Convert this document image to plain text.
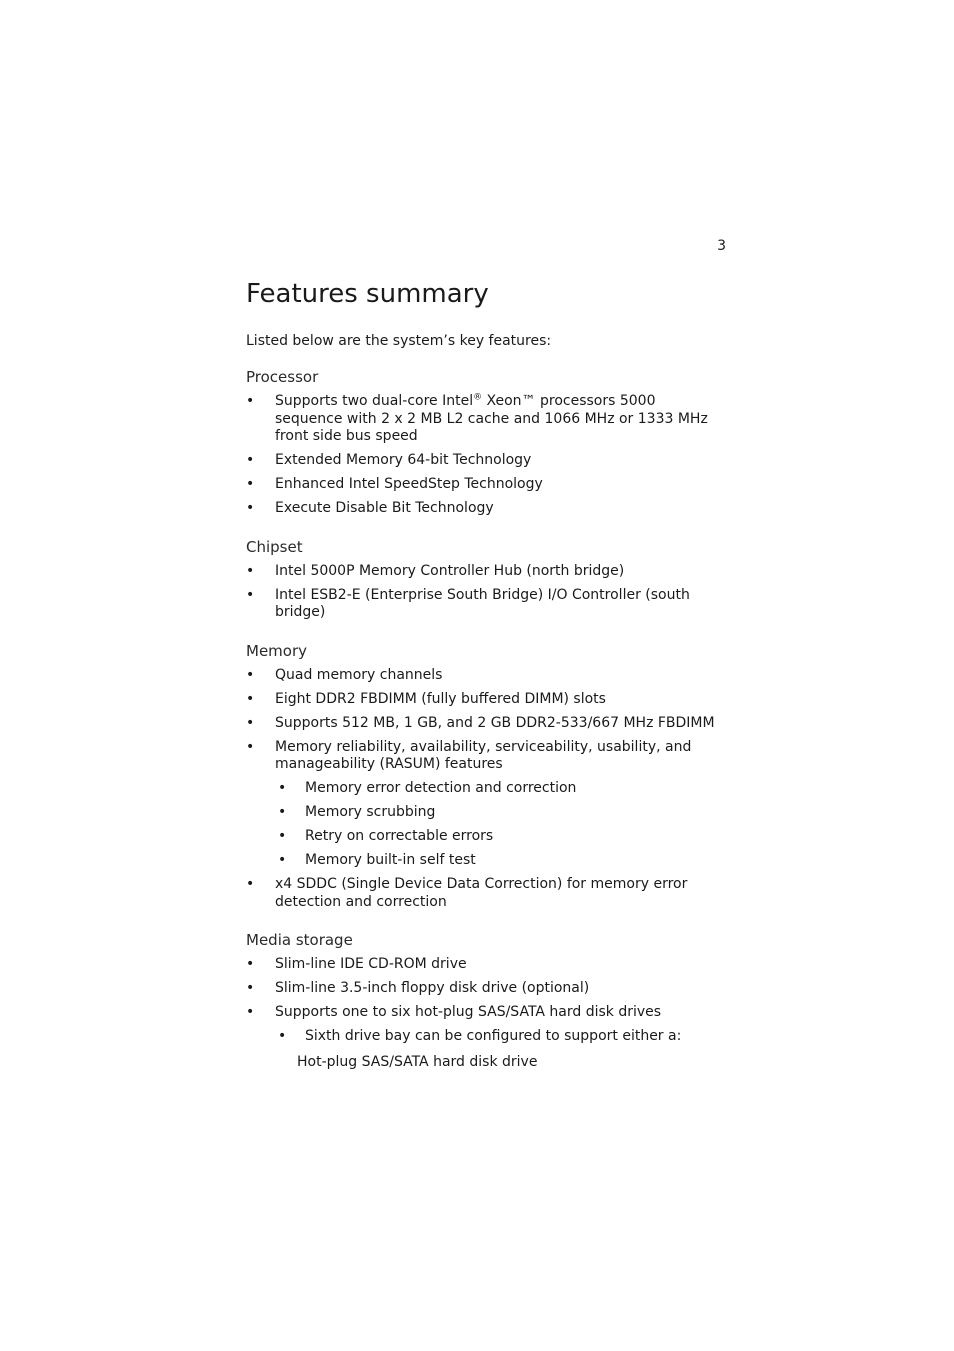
3
Features summary

Listed below are the system’s key features:

Processor
• Supports two dual-core Intel® Xeon™ processors 5000 sequence with 2 x 2 MB L2 cache and 1066 MHz or 1333 MHz front side bus speed
• Extended Memory 64-bit Technology
• Enhanced Intel SpeedStep Technology
• Execute Disable Bit Technology
Chipset
• Intel 5000P Memory Controller Hub (north bridge)
• Intel ESB2-E (Enterprise South Bridge) I/O Controller (south bridge)
Memory
• Quad memory channels
• Eight DDR2 FBDIMM (fully buffered DIMM) slots
• Supports 512 MB, 1 GB, and 2 GB DDR2-533/667 MHz FBDIMM
• Memory reliability, availability, serviceability, usability, and manageability (RASUM) features
• Memory error detection and correction
• Memory scrubbing
• Retry on correctable errors
• Memory built-in self test
• x4 SDDC (Single Device Data Correction) for memory error detection and correction
Media storage
• Slim-line IDE CD-ROM drive
• Slim-line 3.5-inch floppy disk drive (optional)
• Supports one to six hot-plug SAS/SATA hard disk drives
• Sixth drive bay can be configured to support either a:
Hot-plug SAS/SATA hard disk drive
